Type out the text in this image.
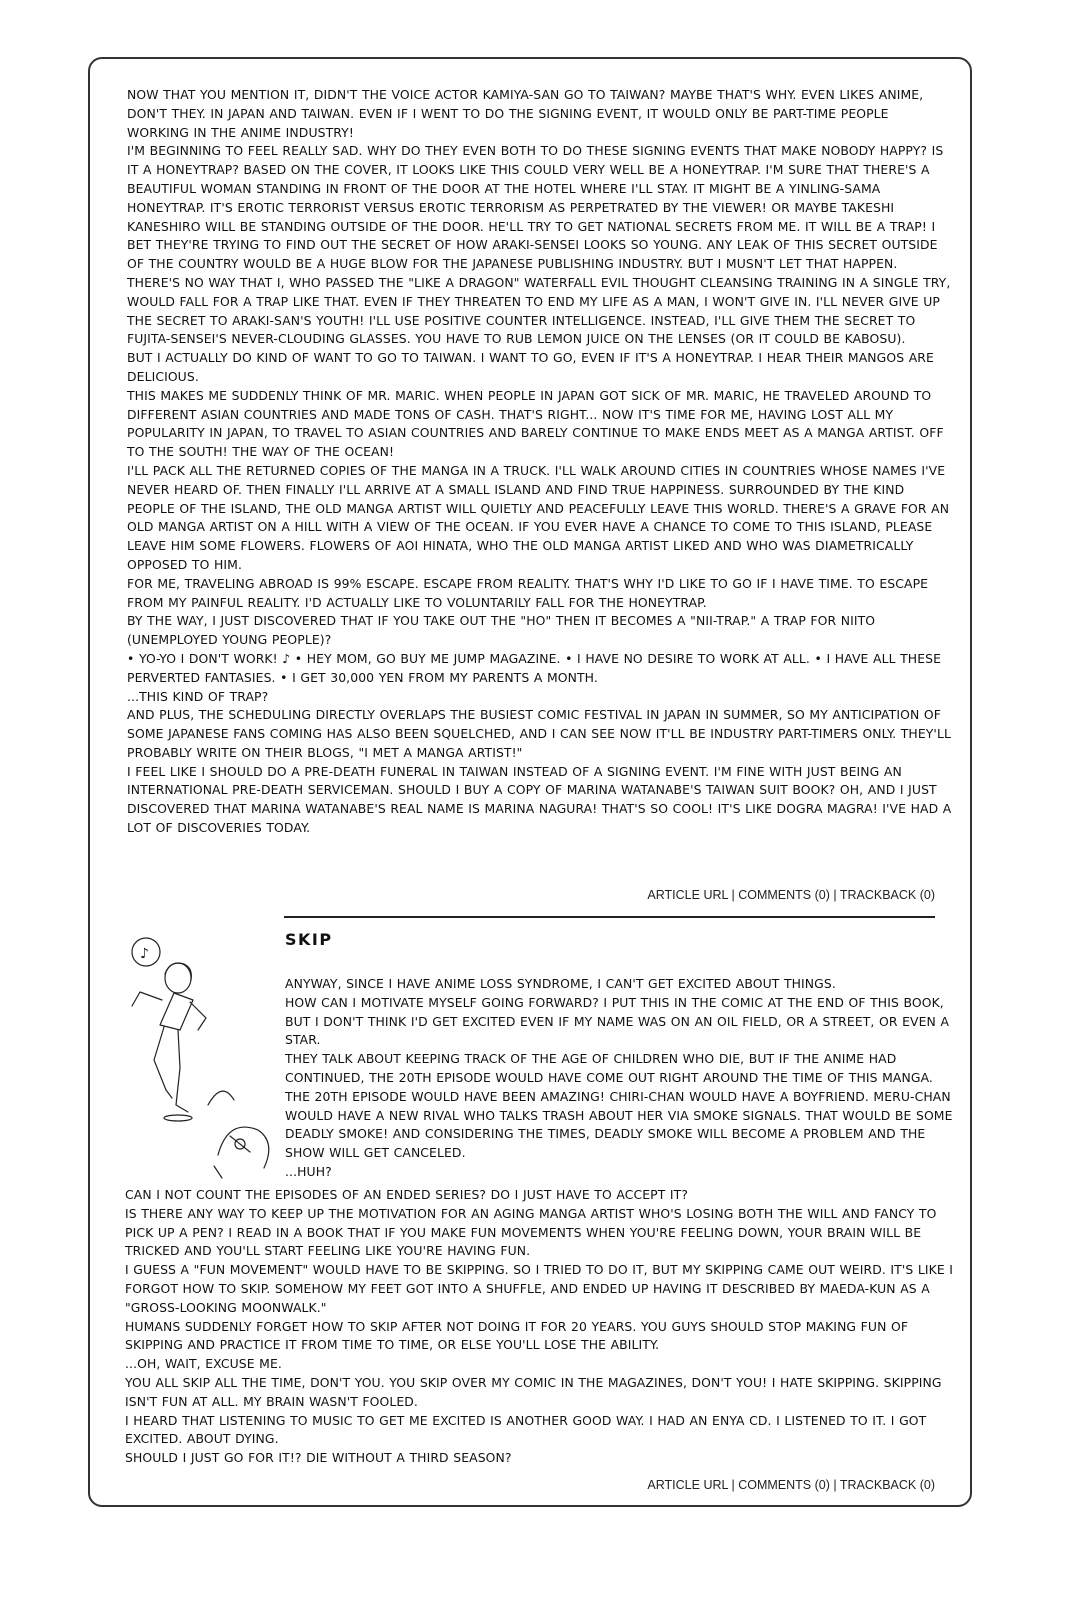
NOW THAT YOU MENTION IT, DIDN'T THE VOICE ACTOR KAMIYA-SAN GO TO TAIWAN? MAYBE THAT'S WHY. EVEN LIKES ANIME, DON'T THEY. IN JAPAN AND TAIWAN. EVEN IF I WENT TO DO THE SIGNING EVENT, IT WOULD ONLY BE PART-TIME PEOPLE WORKING IN THE ANIME INDUSTRY!

I'M BEGINNING TO FEEL REALLY SAD. WHY DO THEY EVEN BOTH TO DO THESE SIGNING EVENTS THAT MAKE NOBODY HAPPY? IS IT A HONEYTRAP? BASED ON THE COVER, IT LOOKS LIKE THIS COULD VERY WELL BE A HONEYTRAP. I'M SURE THAT THERE'S A BEAUTIFUL WOMAN STANDING IN FRONT OF THE DOOR AT THE HOTEL WHERE I'LL STAY. IT MIGHT BE A YINLING-SAMA HONEYTRAP. IT'S EROTIC TERRORIST VERSUS EROTIC TERRORISM AS PERPETRATED BY THE VIEWER! OR MAYBE TAKESHI KANESHIRO WILL BE STANDING OUTSIDE OF THE DOOR. HE'LL TRY TO GET NATIONAL SECRETS FROM ME. IT WILL BE A TRAP! I BET THEY'RE TRYING TO FIND OUT THE SECRET OF HOW ARAKI-SENSEI LOOKS SO YOUNG. ANY LEAK OF THIS SECRET OUTSIDE OF THE COUNTRY WOULD BE A HUGE BLOW FOR THE JAPANESE PUBLISHING INDUSTRY. BUT I MUSN'T LET THAT HAPPEN.

THERE'S NO WAY THAT I, WHO PASSED THE "LIKE A DRAGON" WATERFALL EVIL THOUGHT CLEANSING TRAINING IN A SINGLE TRY, WOULD FALL FOR A TRAP LIKE THAT. EVEN IF THEY THREATEN TO END MY LIFE AS A MAN, I WON'T GIVE IN. I'LL NEVER GIVE UP THE SECRET TO ARAKI-SAN'S YOUTH! I'LL USE POSITIVE COUNTER INTELLIGENCE. INSTEAD, I'LL GIVE THEM THE SECRET TO FUJITA-SENSEI'S NEVER-CLOUDING GLASSES. YOU HAVE TO RUB LEMON JUICE ON THE LENSES (OR IT COULD BE KABOSU).

BUT I ACTUALLY DO KIND OF WANT TO GO TO TAIWAN. I WANT TO GO, EVEN IF IT'S A HONEYTRAP. I HEAR THEIR MANGOS ARE DELICIOUS.

THIS MAKES ME SUDDENLY THINK OF MR. MARIC. WHEN PEOPLE IN JAPAN GOT SICK OF MR. MARIC, HE TRAVELED AROUND TO DIFFERENT ASIAN COUNTRIES AND MADE TONS OF CASH. THAT'S RIGHT... NOW IT'S TIME FOR ME, HAVING LOST ALL MY POPULARITY IN JAPAN, TO TRAVEL TO ASIAN COUNTRIES AND BARELY CONTINUE TO MAKE ENDS MEET AS A MANGA ARTIST. OFF TO THE SOUTH! THE WAY OF THE OCEAN!

I'LL PACK ALL THE RETURNED COPIES OF THE MANGA IN A TRUCK. I'LL WALK AROUND CITIES IN COUNTRIES WHOSE NAMES I'VE NEVER HEARD OF. THEN FINALLY I'LL ARRIVE AT A SMALL ISLAND AND FIND TRUE HAPPINESS. SURROUNDED BY THE KIND PEOPLE OF THE ISLAND, THE OLD MANGA ARTIST WILL QUIETLY AND PEACEFULLY LEAVE THIS WORLD. THERE'S A GRAVE FOR AN OLD MANGA ARTIST ON A HILL WITH A VIEW OF THE OCEAN. IF YOU EVER HAVE A CHANCE TO COME TO THIS ISLAND, PLEASE LEAVE HIM SOME FLOWERS. FLOWERS OF AOI HINATA, WHO THE OLD MANGA ARTIST LIKED AND WHO WAS DIAMETRICALLY OPPOSED TO HIM.

FOR ME, TRAVELING ABROAD IS 99% ESCAPE. ESCAPE FROM REALITY. THAT'S WHY I'D LIKE TO GO IF I HAVE TIME. TO ESCAPE FROM MY PAINFUL REALITY. I'D ACTUALLY LIKE TO VOLUNTARILY FALL FOR THE HONEYTRAP.

BY THE WAY, I JUST DISCOVERED THAT IF YOU TAKE OUT THE "HO" THEN IT BECOMES A "NII-TRAP." A TRAP FOR NIITO (UNEMPLOYED YOUNG PEOPLE)?

• YO-YO I DON'T WORK! ♪ • HEY MOM, GO BUY ME JUMP MAGAZINE. • I HAVE NO DESIRE TO WORK AT ALL. • I HAVE ALL THESE PERVERTED FANTASIES. • I GET 30,000 YEN FROM MY PARENTS A MONTH.

...THIS KIND OF TRAP?

AND PLUS, THE SCHEDULING DIRECTLY OVERLAPS THE BUSIEST COMIC FESTIVAL IN JAPAN IN SUMMER, SO MY ANTICIPATION OF SOME JAPANESE FANS COMING HAS ALSO BEEN SQUELCHED, AND I CAN SEE NOW IT'LL BE INDUSTRY PART-TIMERS ONLY. THEY'LL PROBABLY WRITE ON THEIR BLOGS, "I MET A MANGA ARTIST!"

I FEEL LIKE I SHOULD DO A PRE-DEATH FUNERAL IN TAIWAN INSTEAD OF A SIGNING EVENT. I'M FINE WITH JUST BEING AN INTERNATIONAL PRE-DEATH SERVICEMAN. SHOULD I BUY A COPY OF MARINA WATANABE'S TAIWAN SUIT BOOK? OH, AND I JUST DISCOVERED THAT MARINA WATANABE'S REAL NAME IS MARINA NAGURA! THAT'S SO COOL! IT'S LIKE DOGRA MAGRA! I'VE HAD A LOT OF DISCOVERIES TODAY.

ARTICLE URL | COMMENTS (0) | TRACKBACK (0)
SKIP
♪

ANYWAY, SINCE I HAVE ANIME LOSS SYNDROME, I CAN'T GET EXCITED ABOUT THINGS.

HOW CAN I MOTIVATE MYSELF GOING FORWARD? I PUT THIS IN THE COMIC AT THE END OF THIS BOOK, BUT I DON'T THINK I'D GET EXCITED EVEN IF MY NAME WAS ON AN OIL FIELD, OR A STREET, OR EVEN A STAR.

THEY TALK ABOUT KEEPING TRACK OF THE AGE OF CHILDREN WHO DIE, BUT IF THE ANIME HAD CONTINUED, THE 20TH EPISODE WOULD HAVE COME OUT RIGHT AROUND THE TIME OF THIS MANGA. THE 20TH EPISODE WOULD HAVE BEEN AMAZING! CHIRI-CHAN WOULD HAVE A BOYFRIEND. MERU-CHAN WOULD HAVE A NEW RIVAL WHO TALKS TRASH ABOUT HER VIA SMOKE SIGNALS. THAT WOULD BE SOME DEADLY SMOKE! AND CONSIDERING THE TIMES, DEADLY SMOKE WILL BECOME A PROBLEM AND THE SHOW WILL GET CANCELED.

...HUH?

CAN I NOT COUNT THE EPISODES OF AN ENDED SERIES? DO I JUST HAVE TO ACCEPT IT?

IS THERE ANY WAY TO KEEP UP THE MOTIVATION FOR AN AGING MANGA ARTIST WHO'S LOSING BOTH THE WILL AND FANCY TO PICK UP A PEN? I READ IN A BOOK THAT IF YOU MAKE FUN MOVEMENTS WHEN YOU'RE FEELING DOWN, YOUR BRAIN WILL BE TRICKED AND YOU'LL START FEELING LIKE YOU'RE HAVING FUN.

I GUESS A "FUN MOVEMENT" WOULD HAVE TO BE SKIPPING. SO I TRIED TO DO IT, BUT MY SKIPPING CAME OUT WEIRD. IT'S LIKE I FORGOT HOW TO SKIP. SOMEHOW MY FEET GOT INTO A SHUFFLE, AND ENDED UP HAVING IT DESCRIBED BY MAEDA-KUN AS A "GROSS-LOOKING MOONWALK."

HUMANS SUDDENLY FORGET HOW TO SKIP AFTER NOT DOING IT FOR 20 YEARS. YOU GUYS SHOULD STOP MAKING FUN OF SKIPPING AND PRACTICE IT FROM TIME TO TIME, OR ELSE YOU'LL LOSE THE ABILITY.

...OH, WAIT, EXCUSE ME.

YOU ALL SKIP ALL THE TIME, DON'T YOU. YOU SKIP OVER MY COMIC IN THE MAGAZINES, DON'T YOU! I HATE SKIPPING. SKIPPING ISN'T FUN AT ALL. MY BRAIN WASN'T FOOLED.

I HEARD THAT LISTENING TO MUSIC TO GET ME EXCITED IS ANOTHER GOOD WAY. I HAD AN ENYA CD. I LISTENED TO IT. I GOT EXCITED. ABOUT DYING.

SHOULD I JUST GO FOR IT!? DIE WITHOUT A THIRD SEASON?

ARTICLE URL | COMMENTS (0) | TRACKBACK (0)
